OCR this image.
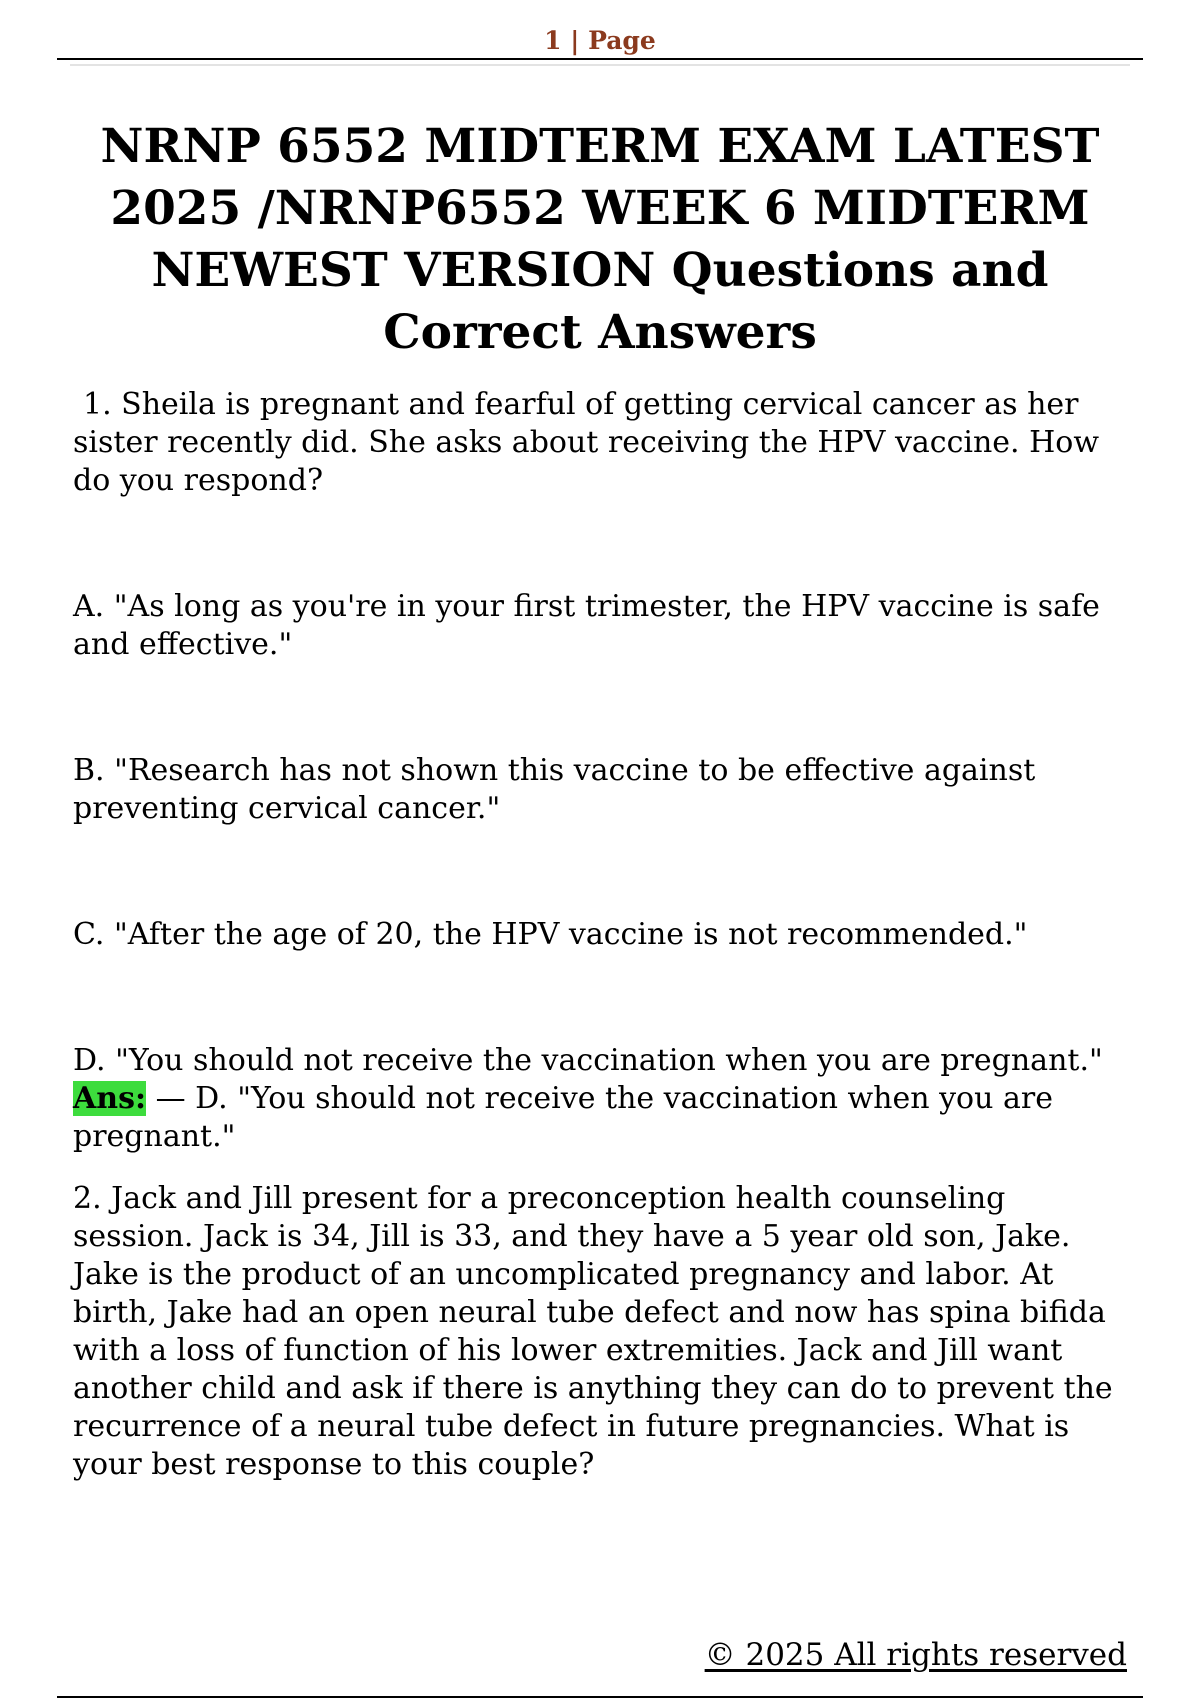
1 | Page
NRNP 6552 MIDTERM EXAM LATEST 2025 /NRNP6552 WEEK 6 MIDTERM NEWEST VERSION Questions and Correct Answers

1. Sheila is pregnant and fearful of getting cervical cancer as her sister recently did. She asks about receiving the HPV vaccine. How do you respond?

A. "As long as you're in your first trimester, the HPV vaccine is safe and effective."

B. "Research has not shown this vaccine to be effective against preventing cervical cancer."

C. "After the age of 20, the HPV vaccine is not recommended."

D. "You should not receive the vaccination when you are pregnant." Ans: — D. "You should not receive the vaccination when you are pregnant."

2. Jack and Jill present for a preconception health counseling session. Jack is 34, Jill is 33, and they have a 5 year old son, Jake. Jake is the product of an uncomplicated pregnancy and labor. At birth, Jake had an open neural tube defect and now has spina bifida with a loss of function of his lower extremities. Jack and Jill want another child and ask if there is anything they can do to prevent the recurrence of a neural tube defect in future pregnancies. What is your best response to this couple?

© 2025 All rights reserved
